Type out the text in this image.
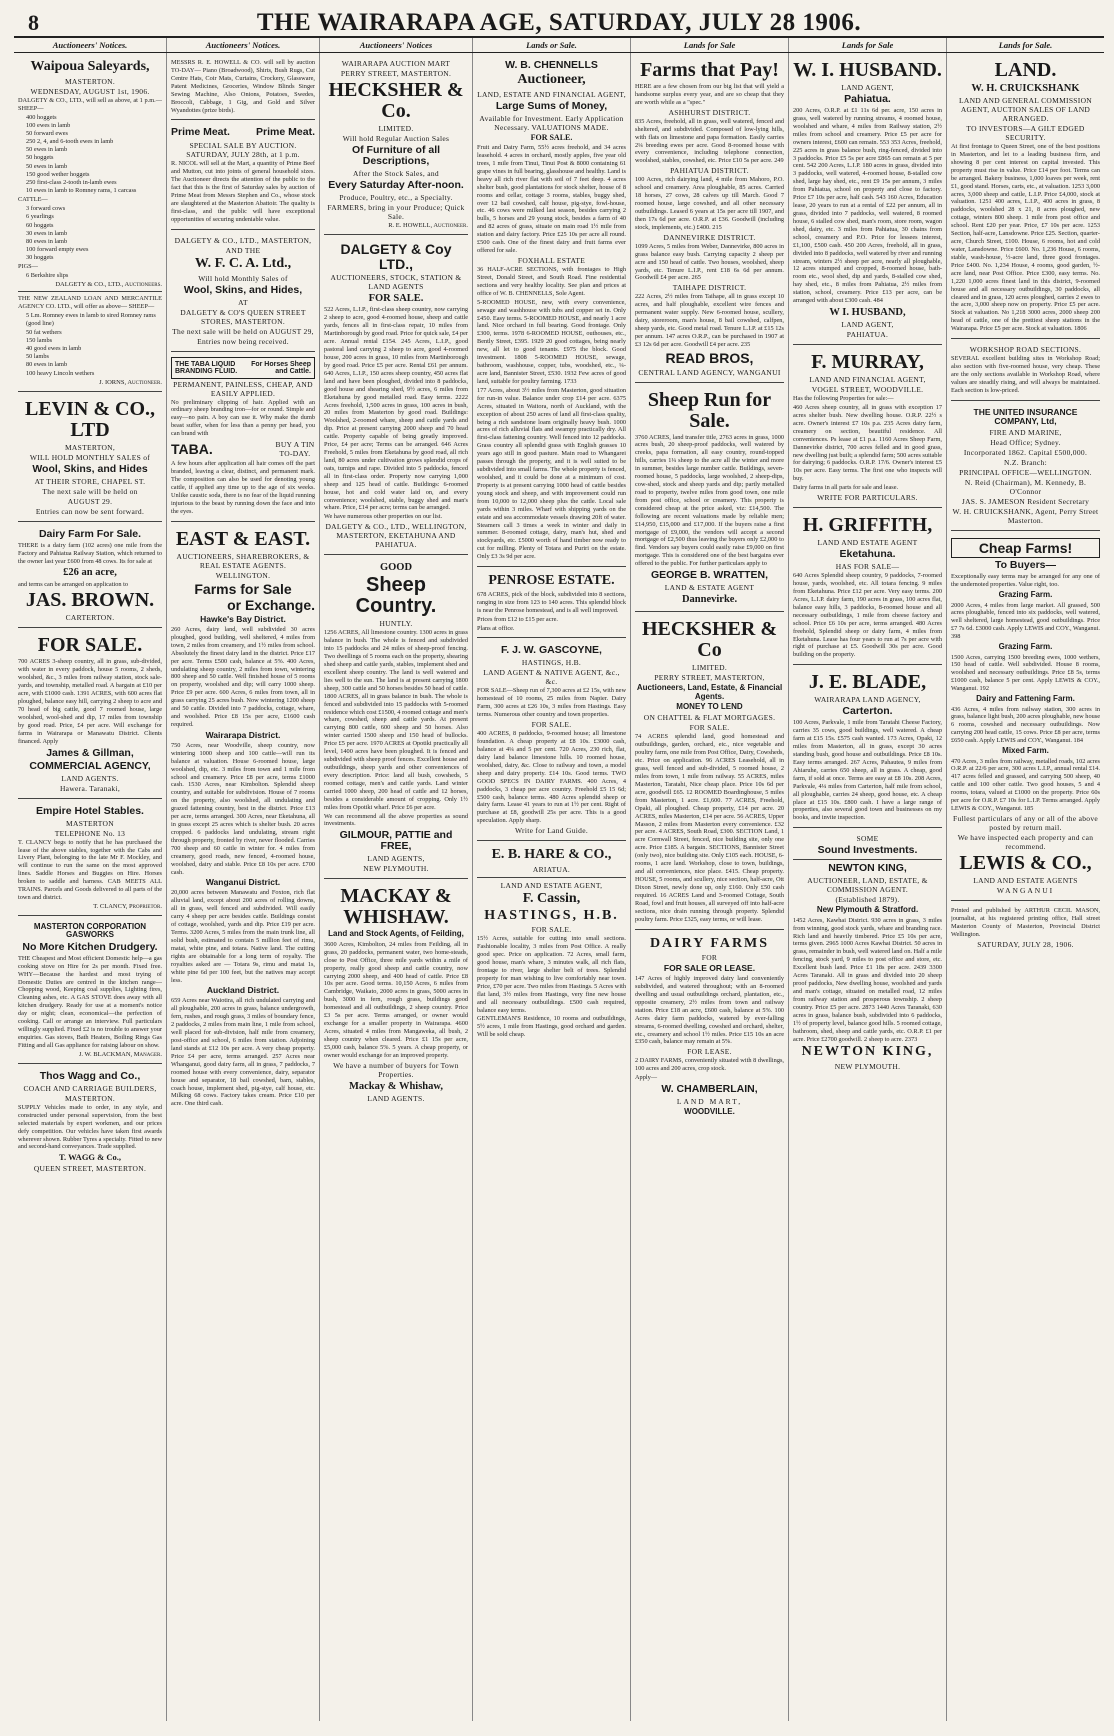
8	THE WAIRARAPA AGE, SATURDAY, JULY 28 1906.
Auctioneers' Notices.	Auctioneers' Notices.	Auctioneers' Notices	Lands or Sale.	Lands for Sale	Lands for Sale	Lands for Sale.
Waipoua Saleyards,
MASTERTON.
WEDNESDAY, AUGUST 1st, 1906.
DALGETY & CO., LTD., will sell as above, at 1 p.m.— SHEEP—
400 hoggets
100 ewes in lamb
50 forward ewes
250 2, 4, and 6-tooth ewes in lamb
50 ewes in lamb
50 hoggets
50 ewes in lamb
150 good wether hoggets
250 first-class 2-tooth in-lamb ewes
10 ewes in lamb to Romney rams, 1 carcass
CATTLE—
3 forward cows
6 yearlings
60 hoggets
30 ewes in lamb
80 ewes in lamb
100 forward empty ewes
30 hoggets
PIGS—
6 Berkshire slips
DALGETY & CO., LTD., Auctioneers.
THE NEW ZEALAND LOAN AND MERCANTILE AGENCY CO. LTD., will offer as above— SHEEP—
5 Lm. Romney ewes in lamb to sired Romney rams (good line)
50 fat wethers
150 lambs
40 good ewes in lamb
50 lambs
80 ewes in lamb
100 heavy Lincoln wethers
J. IORNS, Auctioneer.
LEVIN & CO., LTD
MASTERTON,
WILL HOLD MONTHLY SALES of
Wool, Skins, and Hides
AT THEIR STORE, CHAPEL ST.
The next sale will be held on
AUGUST 29.
Entries can now be sent forward.
Dairy Farm For Sale.
THERE is a dairy farm (102 acres) one mile from the Factory and Pahiatua Railway Station, which returned to the owner last year £600 from 48 cows. Its for sale at
£26 an acre,
and terms can be arranged on application to
JAS. BROWN.
CARTERTON.
FOR SALE.
700 ACRES 3-sheep country, all in grass, sub-divided, with water in every paddock, house 5 rooms, 2 sheds, woolshed, &c., 3 miles from railway station, stock sale-yards, and township, metalled road. A bargain at £10 per acre, with £1000 cash. 1391 ACRES, with 600 acres flat ploughed, balance easy hill, carrying 2 sheep to acre and 70 head of big cattle, good 7 roomed house, large woolshed, wool-shed and dip, 17 miles from township by good road. Price, £4 per acre. Will exchange for farms in Wairarapa or Manawatu District. Clients financed. Apply
James & Gillman,
COMMERCIAL AGENCY,
LAND AGENTS.
Hawera. Taranaki,
Empire Hotel Stables.
MASTERTON
TELEPHONE No. 13
T. CLANCY begs to notify that he has purchased the lease of the above stables, together with the Cabs and Livery Plant, belonging to the late Mr F. Mockley, and will continue to run the same on the most approved lines. Saddle Horses and Buggies on Hire. Horses broken to saddle and harness. CAB MEETS ALL TRAINS. Parcels and Goods delivered to all parts of the town and district.
T. CLANCY, Proprietor.
MASTERTON CORPORATION GASWORKS
No More Kitchen Drudgery.
THE Cheapest and Most efficient Domestic help—a gas cooking stove on Hire for 2s per month. Fixed free. WHY—Because the hardest and most trying of Domestic Duties are centred in the kitchen range—Chopping wood, Keeping coal supplies, Lighting fires, Cleaning ashes, etc. A GAS STOVE does away with all kitchen drudgery. Ready for use at a moment's notice day or night; clean, economical—the perfection of cooking. Call or arrange an interview. Full particulars willingly supplied. Fixed £2 is no trouble to answer your enquiries. Gas stoves, Bath Heaters, Boiling Rings Gas Fitting and all Gas appliance for raising labour on show.
J. W. BLACKMAN, Manager.
Thos Wagg and Co.,
COACH AND CARRIAGE BUILDERS,
MASTERTON.
SUPPLY Vehicles made to order, in any style, and constructed under personal supervision, from the best selected materials by expert workmen, and our prices defy competition. Our vehicles have taken first awards wherever shown. Rubber Tyres a specialty. Fitted to new and second-hand conveyances. Trade supplied.
T. WAGG & Co.,
QUEEN STREET, MASTERTON.
MESSRS R. E. HOWELL & CO. will sell by auction TO-DAY— Piano (Broadwood), Shirts, Bush Rugs, Cut Centre Hats, Coir Mats, Curtains, Crockery, Glassware, Patent Medicines, Groceries, Window Blinds Singer Sewing Machine, Also Onions, Potatoes, Swedes, Broccoli, Cabbage, 1 Gig, and Gold and Silver Wyandottes (prize birds).
Prime Meat. Prime Meat.
SPECIAL SALE BY AUCTION. SATURDAY, JULY 28th, at 1 p.m.
R. NICOL will sell at the Mart, a quantity of Prime Beef and Mutton, cut into joints of general household sizes. The Auctioneer directs the attention of the public to the fact that this is the first of Saturday sales by auction of Prime Meat from Messrs Stephen and Co., whose stock are slaughtered at the Masterton Abattoir. The quality is first-class, and the public will have exceptional opportunities of securing undeniable value.
DALGETY & CO., LTD., MASTERTON,
AND THE
W. F. C. A. Ltd.,
Will hold Monthly Sales of
Wool, Skins, and Hides,
AT
DALGETY & CO'S QUEEN STREET STORES, MASTERTON.
The next sale will be held on AUGUST 29,
Entries now being received.
THE TABA LIQUID BRANDING FLUID.
For Horses Sheep and Cattle.
PERMANENT, PAINLESS, CHEAP, AND EASILY APPLIED.
No preliminary clipping of hair. Applied with an ordinary sheep branding iron—for or round. Simple and easy—no pain. A boy can use it. Why make the dumb beast suffer, when for less than a penny per head, you can brand with
TABA.	BUY A TIN TO-DAY.
A few hours after application all hair comes off the part branded, leaving a clear, distinct, and permanent mark. The composition can also be used for denoting young cattle, if applied any time up to the age of six weeks. Unlike caustic soda, there is no fear of the liquid running injurious to the beast by running down the face and into the eyes.
EAST & EAST.
AUCTIONEERS, SHAREBROKERS, & REAL ESTATE AGENTS.
WELLINGTON.
Farms for Sale
or Exchange.
Hawke's Bay District.
260 Acres, dairy land, well subdivided 30 acres ploughed, good building, well sheltered, 4 miles from town, 2 miles from creamery, and 1½ miles from school. Absolutely the finest dairy land in the district. Price £17 per acre. Terms £500 cash, balance at 5%. 400 Acres, undulating sheep country, 2 miles from town, wintering 800 sheep and 50 cattle. Well finished house of 5 rooms on property, woolshed and dip; will carry 1000 sheep. Price £9 per acre. 600 Acres, 6 miles from town, all in grass carrying 25 acres bush. Now wintering 1200 sheep and 50 cattle. Divided into 7 paddocks, cottage, whare, and woolshed. Price £8 15s per acre, £1600 cash required.
Wairarapa District.
750 Acres, near Woodville, sheep country, now wintering 1000 sheep and 100 cattle—will run its balance at valuation. House 6-roomed house, large woolshed, dip, etc. 3 miles from town and 1 mile from school and creamery. Price £8 per acre, terms £1000 cash. 1530 Acres, near Kimbolton. Splendid sheep country, and suitable for subdivision. House of 7 rooms on the property, also woolshed, all undulating and grazed fattening country, best in the district. Price £13 per acre, terms arranged. 300 Acres, near Eketahuna, all in grass except 25 acres which is shelter bush. 20 acres cropped. 6 paddocks land undulating, stream right through property, fronted by river, never flooded. Carries 700 sheep and 60 cattle in winter for. 4 miles from creamery, good roads, new fenced, 4-roomed house, woolshed, dairy and stable. Price £8 10s per acre. £700 cash.
Wanganui District.
20,000 acres between Manawatu and Foxton, rich flat alluvial land, except about 200 acres of rolling downs, all in grass, well fenced and subdivided. Will easily carry 4 sheep per acre besides cattle. Buildings consist of cottage, woolshed, yards and dip. Price £19 per acre. Terms. 3200 Acres, 5 miles from the main trunk line, all solid bush, estimated to contain 5 million feet of rimu, matai, white pine, and totara. Native land. The cutting rights are obtainable for a long term of royalty. The royalties asked are — Totara 9s, rimu and matai 1s, white pine 6d per 100 feet, but the natives may accept less.
Auckland District.
659 Acres near Waiotira, all rich undulated carrying and all ploughable, 200 acres in grass, balance undergrowth, fern, rushes, and rough grass, 3 miles of boundary fence, 2 paddocks, 2 miles from main line, 1 mile from school, well placed for sub-division, half mile from creamery, post-office and school, 6 miles from station. Adjoining land stands at £12 10s per acre. A very cheap property. Price £4 per acre, terms arranged. 257 Acres near Whanganui, good dairy farm, all in grass, 7 paddocks, 7 roomed house with every convenience, dairy, separator house and separator, 18 bail cowshed, barn, stables, coach house, implement shed, pig-stye, calf house, etc. Milking 68 cows. Factory takes cream. Price £10 per acre. One third cash.
WAIRARAPA AUCTION MART
PERRY STREET, MASTERTON.
HECKSHER & Co.
LIMITED.
Will hold Regular Auction Sales
Of Furniture of all Descriptions,
After the Stock Sales, and
Every Saturday After-noon.
Produce, Poultry, etc., a Specialty.
FARMERS, bring in your Produce; Quick Sale.
R. E. HOWELL, Auctioneer.
DALGETY & Coy LTD.,
AUCTIONEERS, STOCK, STATION & LAND AGENTS
FOR SALE.
522 Acres, L.I.P., first-class sheep country, now carrying 2 sheep to acre, good 4-roomed house, sheep and cattle yards, fences all in first-class repair, 10 miles from Martinborough by good road. Price for quick sale, £4 per acre. Annual rental £154. 245 Acres, L.I.P., good pastoral land carrying 2 sheep to acre, good 4-roomed house, 200 acres in grass, 10 miles from Martinborough by good road. Price £5 per acre. Rental £61 per annum. 640 Acres, L.I.P., 150 acres sheep country, 450 acres flat land and have been ploughed, divided into 8 paddocks, good house and shearing shed, 9½ acres, 6 miles from Eketahuna by good metalled road. Easy terms. 2222 Acres freehold, 1,500 acres in grass, 100 acres in bush, 20 miles from Masterton by good road. Buildings: Woolshed, 2-roomed whare, sheep and cattle yards and dip. Price at present carrying 2000 sheep and 70 head cattle. Property capable of being greatly improved. Price, £4 per acre; Terms can be arranged. 646 Acres Freehold, 5 miles from Eketahuna by good road, all rich land, 80 acres under cultivation grows splendid crops of oats, turnips and rape. Divided into 5 paddocks, fenced all in first-class order. Property now carrying 1,000 sheep and 125 head of cattle. Buildings: 6-roomed house, hot and cold water laid on, and every convenience; woolshed, stable, buggy shed and man's whare. Price, £14 per acre; terms can be arranged.
We have numerous other properties on our list.
DALGETY & CO., LTD., WELLINGTON, MASTERTON, EKETAHUNA AND PAHIATUA.
GOOD
Sheep Country.
HUNTLY.
1256 ACRES, All limestone country. 1300 acres in grass balance in bush. The whole is fenced and subdivided into 15 paddocks and 24 miles of sheep-proof fencing. Two dwellings of 5 rooms each on the property, shearing shed sheep and cattle yards, stables, implement shed and excellent sheep country. The land is well watered and lies well to the sun. The land is at present carrying 1800 sheep, 300 cattle and 50 horses besides 50 head of cattle. 1800 ACRES, all in grass balance in bush. The whole is fenced and subdivided into 15 paddocks with 5-roomed residence which cost £1500, 4 roomed cottage and men's whare, cowshed, sheep and cattle yards. At present carrying 800 cattle, 600 sheep and 50 horses. Also winter carried 1500 sheep and 150 head of bullocks. Price £5 per acre. 1970 ACRES at Opotiki practically all level, 1400 acres have been ploughed. It is fenced and subdivided with sheep proof fences. Excellent house and outbuildings, sheep yards and other conveniences of every description. Price: land all bush, cowsheds, 5 roomed cottage, men's and cattle yards. Land winter carried 1000 sheep, 200 head of cattle and 12 horses, besides a considerable amount of cropping. Only 1½ miles from Opotiki wharf. Price £6 per acre.
We can recommend all the above properties as sound investments.
GILMOUR, PATTIE and FREE,
LAND AGENTS,
NEW PLYMOUTH.
MACKAY & WHISHAW.
Land and Stock Agents, of Feilding,
3600 Acres, Kimbolton, 24 miles from Feilding, all in grass, 20 paddocks, permanent water, two home-steads, close to Post Office, three mile yards within a mile of property, really good sheep and cattle country, now carrying 2000 sheep, and 400 head of cattle. Price £8 10s per acre. Good terms. 10,150 Acres, 6 miles from Cambridge, Waikato, 2000 acres in grass, 5000 acres in bush, 3000 in fern, rough grass, buildings good homestead and all outbuildings, 2 sheep country. Price £3 5s per acre. Terms arranged, or owner would exchange for a smaller property in Wairarapa. 4600 Acres, situated 4 miles from Mangaweka, all bush, 2 sheep country when cleared. Price £1 15s per acre, £5,000 cash, balance 5%. 5 years. A cheap property, or owner would exchange for an improved property.
We have a number of buyers for Town Properties.
Mackay & Whishaw,
LAND AGENTS.
W. B. CHENNELLS
Auctioneer,
LAND, ESTATE AND FINANCIAL AGENT,
Large Sums of Money,
Available for Investment. Early Application Necessary. VALUATIONS MADE.
FOR SALE.
Fruit and Dairy Farm, 55½ acres freehold, and 34 acres leasehold. 4 acres in orchard, mostly apples, five year old trees, 1 mile from Tinui, Tinui Post & 8000 containing 61 grape vines in full bearing, glasshouse and healthy. Land is heavy all rich river flat with soil of 7 feet deep. 4 acres shelter bush, good plantations for stock shelter, house of 8 rooms and cellar, cottage 3 rooms, stables, buggy shed, over 12 bail cowshed, calf house, pig-stye, fowl-house, etc. 46 cows were milked last season, besides carrying 2 bulls, 5 horses and 29 young stock, besides a farm of 40 and 82 acres of grass, situate on main road 1½ mile from station and dairy factory. Price £25 10s per acre all round. £500 cash. One of the finest dairy and fruit farms ever offered for sale.
FOXHALL ESTATE
36 HALF-ACRE SECTIONS, with frontages to High Street, Donald Street, and South Road. Fine residential sections and very healthy locality. See plan and prices at office of W. B. CHENNELLS, Sole Agent.
5-ROOMED HOUSE, new, with every convenience, sewage and washhouse with tubs and copper set in. Only £450. Easy terms. 5-ROOMED HOUSE, and nearly 1 acre land. Nice orchard in full bearing. Good frontage. Only £300, terms. 1978 6-ROOMED HOUSE, outhouses, etc., Bently Street, £395. 1929 20 good cottages, being nearly new, all let to good tenants. £975 the block. Good investment. 1808 5-ROOMED HOUSE, sewage, bathroom, washhouse, copper, tubs, woodshed, etc., ¼-acre land, Bannister Street, £530. 1932 Few acres of good land, suitable for poultry farming. 1733
177 Acres, about 3½ miles from Masterton, good situation for run-in value. Balance under crop £14 per acre. 6375 Acres, situated in Waitora, north of Auckland, with the exception of about 250 acres of land all first-class quality, being a rich sandstone loam originally heavy bush. 1000 acres of rich alluvial flats and swampy practically dry. All first-class fattening country. Well fenced into 12 paddocks. Grass country all splendid grass with English grasses 10 years ago still in good pasture. Main road to Whangarei passes through the property, and it is well suited to be subdivided into small farms. The whole property is fenced, woolshed, and it could be done at a minimum of cost. Property is at present carrying 1000 head of cattle besides young stock and sheep, and with improvement could run from 10,000 to 12,000 sheep plus the cattle. Local sale yards within 3 miles. Wharf with shipping yards on the estate and sea accommodate vessels drawing 20ft of water. Steamers call 3 times a week in winter and daily in summer. 8-roomed cottage, dairy, man's hut, shed and stockyards, etc. £5000 worth of hand timber now ready to cut for milling. Plenty of Totara and Puriri on the estate. Only £3 3s 9d per acre.
PENROSE ESTATE.
678 ACRES, pick of the block, subdivided into 8 sections, ranging in size from 123 to 140 acres. This splendid block is near the Penrose homestead, and is all well improved.
Prices from £12 to £15 per acre.
Plans at office.
F. J. W. GASCOYNE,
HASTINGS, H.B.
LAND AGENT & NATIVE AGENT, &c., &c.
FOR SALE—Sheep run of 7,300 acres at £2 15s, with new homestead of 10 rooms, 25 miles from Napier. Dairy Farm, 300 acres at £26 10s, 3 miles from Hastings. Easy terms. Numerous other country and town properties.
FOR SALE.
400 ACRES, 8 paddocks, 9-roomed house; all limestone foundation. A cheap property at £8 10s. £3000 cash, balance at 4¼ and 5 per cent. 720 Acres, 230 rich, flat, dairy land balance limestone hills. 10 roomed house, woolshed, dairy, &c. Close to railway and town, a model sheep and dairy property. £14 10s. Good terms. TWO GOOD SPECS IN DAIRY FARMS. 400 Acres, 4 paddocks, 3 cheap per acre country. Freehold £5 15 6d; £500 cash, balance terms. 480 Acres splendid sheep or dairy farm. Lease 41 years to run at 1½ per cent. Right of purchase at £8, goodwill 25s per acre. This is a good speculation. Apply sharp.
Write for Land Guide.
E. B. HARE & CO.,
ARIATUA.
LAND AND ESTATE AGENT,
F. Cassin,
HASTINGS, H.B.
FOR SALE.
15½ Acres, suitable for cutting into small sections. Fashionable locality, 3 miles from Post Office. A really good spec. Price on application. 72 Acres, small farm, good house, man's whare, 3 minutes walk, all rich flats, frontage to river, large shelter belt of trees. Splendid property for man wishing to live comfortably near town. Price, £70 per acre. Two miles from Hastings. 5 Acres with flat land, 3½ miles from Hastings, very fine new house and all necessary outbuildings. £500 cash required, balance easy terms.
GENTLEMAN'S Residence, 10 rooms and outbuildings, 5½ acres, 1 mile from Hastings, good orchard and garden. Will be sold cheap.
Farms that Pay!
HERE are a few chosen from our big list that will yield a handsome surplus every year, and are so cheap that they are worth while as a "spec."
ASHHURST DISTRICT.
835 Acres, freehold, all in grass, well watered, fenced and sheltered, and subdivided. Composed of low-lying hills, with flats on limestone and papa formation. Easily carries 2¼ breeding ewes per acre. Good 8-roomed house with every convenience, including telephone connection, woolshed, stables, cowshed, etc. Price £10 5s per acre. 249
PAHIATUA DISTRICT.
100 Acres, rich dairying land, 4 mile from Mahoro, P.O. school and creamery. Area ploughable, 85 acres. Carried 18 horses, 27 cows, 28 calves up till March. Good 7 roomed house, large cowshed, and all other necessary outbuildings. Leased 6 years at 15s per acre till 1907, and then 17s 6d per acre. O.R.P. at £36. Goodwill (including stock, implements, etc.) £400. 215
DANNEVIRKE DISTRICT.
1099 Acres, 5 miles from Weber, Dannevirke, 800 acres in grass balance easy bush. Carrying capacity 2 sheep per acre and 150 head of cattle. Two houses, woolshed, sheep yards, etc. Tenure L.I.P., rent £18 6s 6d per annum. Goodwill £4 per acre. 265
TAIHAPE DISTRICT.
222 Acres, 2½ miles from Taihape, all in grass except 10 acres, and half ploughable, excellent wire fences and permanent water supply. New 6-roomed house, scullery, dairy, storeroom, man's house, 8 bail cowshed, calfpen, sheep yards, etc. Good metal road. Tenure L.I.P. at £15 12s per annum. 147 acres O.R.P., can be purchased in 1907 at £3 12s 6d per acre. Goodwill £4 per acre. 235
READ BROS,
CENTRAL LAND AGENCY, WANGANUI
Sheep Run for Sale.
3760 ACRES, land transfer title, 2763 acres in grass, 1000 acres bush, 20 sheep-proof paddocks, well watered by creeks, papa formation, all easy country, round-topped hills, carries 1¼ sheep to the acre all the winter and more in summer, besides large number cattle. Buildings, seven-roomed house, 5 paddocks, large woolshed, 2 sheep-dips, cow-shed, stock and sheep yards and dip; partly metalled road to property, twelve miles from good town, one mile from post office, school or creamery. This property is considered cheap at the price asked, viz: £14,500. The following are recent valuations made by reliable men; £14,950, £15,000 and £17,000. If the buyers raise a first mortgage of £9,000, the vendors will accept a second mortgage of £2,500 thus leaving the buyers only £2,000 to find. Vendors say buyers could easily raise £9,000 on first mortgage. This is considered one of the best bargains ever offered to the public. For further particulars apply to
GEORGE B. WRATTEN,
LAND & ESTATE AGENT
Dannevirke.
HECKSHER & Co
LIMITED.
PERRY STREET, MASTERTON,
Auctioneers, Land, Estate, & Financial Agents.
MONEY TO LEND
ON CHATTEL & FLAT MORTGAGES.
FOR SALE.
74 ACRES splendid land, good homestead and outbuildings, garden, orchard, etc., nice vegetable and poultry farm, one mile from Post Office, Dairy, Cowsheds, etc. Price on application. 96 ACRES Leasehold, all in grass, well fenced and sub-divided, 5 roomed house, 2 miles from town, 1 mile from railway. 55 ACRES, miles Masterton, Taratahi, Nice cheap place. Price 10s 6d per acre, goodwill £65. 12 ROOMED Boardinghouse, 5 miles from Masterton, 1 acre. £1,600. 77 ACRES, Freehold, Opaki, all ploughed. Cheap property, £14 per acre. 20 ACRES, miles Masterton, £14 per acre. 56 ACRES, Upper Masson, 2 miles from Masterton every convenience. £32 per acre. 4 ACRES, South Road, £300. SECTION Land, 1 acre Cornwall Street, fenced, nice building site, only one acre. Price £185. A bargain. SECTIONS, Bannister Street (only two), nice building site. Only £105 each. HOUSE, 6-rooms, 1 acre land. Workshop, close to town, buildings, and all conveniences, nice place. £415. Cheap property. HOUSE, 5 rooms, and scullery, nice section, half-acre, Ott Dixon Street, newly done up, only £160. Only £50 cash required. 16 ACRES Land and 3-roomed Cottage, South Road, fowl and fruit houses, all surveyed off into half-acre sections, nice drain running through property. Splendid poultry farm. Price £325, easy terms, or will lease.
DAIRY FARMS
FOR
FOR SALE OR LEASE.
147 Acres of highly improved dairy land conveniently subdivided, and watered throughout; with an 8-roomed dwelling and usual outbuildings orchard, plantation, etc., opposite creamery, 2½ miles from town and railway station. Price £18 an acre, £600 cash, balance at 5%. 100 Acres dairy farm paddocks, watered by ever-falling streams, 6-roomed dwelling, cowshed and orchard, shelter, etc., creamery and school 1½ miles. Price £15 10s an acre £350 cash, balance may remain at 5%.
FOR LEASE.
2 DAIRY FARMS, conveniently situated with 8 dwellings, 100 acres and 200 acres, crop stock.
Apply—
W. CHAMBERLAIN,
LAND MART,
WOODVILLE.
W. I. HUSBAND.
LAND AGENT,
Pahiatua.
200 Acres, O.R.P. at £1 11s 6d per. acre, 150 acres in grass, well watered by running streams, 4 roomed house, woolshed and whare, 4 miles from Railway station, 2½ miles from school and creamery. Price £5 per acre for owners interest, £600 can remain. 553 353 Acres, freehold, 225 acres in grass balance bush, ring-fenced, divided into 3 paddocks. Price £5 5s per acre £865 can remain at 5 per cent. 542 200 Acres, L.I.P. 180 acres in grass, divided into 3 paddocks, well watered, 4-roomed house, 8-stalled cow shed, large hay shed, etc., rent £9 15s per annum, 3 miles from Pahiatua, school on property and close to factory. Price £7 10s per acre, half cash. 543 160 Acres, Education lease, 20 years to run at a rental of £22 per annum, all in grass, divided into 7 paddocks, well watered, 8 roomed house, 6 stalled cow shed, man's room, store room, wagon shed, dairy, etc. 3 miles from Pahiatua, 30 chains from school, creamery and P.O. Price for lessees interest, £1,100, £500 cash. 450 200 Acres, freehold, all in grass, divided into 8 paddocks, well watered by river and running stream, winters 2½ sheep per acre, nearly all ploughable, 12 acres stumped and cropped, 8-roomed house, bath-room etc., wool shed, dip and yards, 8-stalled cow shed, hay shed, etc., 8 miles from Pahiatua, 2½ miles from station, school, creamery. Price £13 per acre, can be arranged with about £300 cash. 484
W I. HUSBAND,
LAND AGENT,
PAHIATUA.
F. MURRAY,
LAND AND FINANCIAL AGENT,
VOGEL STREET, WOODVILLE.
Has the following Properties for sale:—
460 Acres sheep country, all in grass with exception 17 acres shelter bush. New dwelling house. O.R.P. 22½ s acre. Owner's interest £7 10s p.a. 235 Acres dairy farm, creamery on section, beautiful residence. All conveniences. Ps lease at £1 p.a. 1160 Acres Sheep Farm, Dannevirke district, 700 acres felled and in good grass, new dwelling just built; a splendid farm; 500 acres suitable for dairying; 6 paddocks. O.R.P. 17/6. Owner's interest £5 10s per acre. Easy terms. The first one who inspects will buy.
Dairy farms in all parts for sale and lease.
WRITE FOR PARTICULARS.
H. GRIFFITH,
LAND AND ESTATE AGENT
Eketahuna.
HAS FOR SALE—
640 Acres Splendid sheep country, 9 paddocks, 7-roomed house, yards, woolshed, etc. All totara fencing. 9 miles from Eketahuna. Price £12 per acre. Very easy terms. 200 Acres, L.I.P. dairy farm, 190 acres in grass, 100 acres flat, balance easy hills, 3 paddocks, 8-roomed house and all necessary outbuildings, 1 mile from cheese factory and school. Price £6 10s per acre, terms arranged. 480 Acres freehold, Splendid sheep or dairy farm, 4 miles from Eketahuna. Lease has four years to run at 7s per acre with right of purchase at £5. Goodwill 30s per acre. Good building on the property.
J. E. BLADE,
WAIRARAPA LAND AGENCY,
Carterton.
100 Acres, Parkvale, 1 mile from Taratahi Cheese Factory, carries 35 cows, good buildings, well watered. A cheap farm at £15 15s. £575 cash wanted. 173 Acres, Opaki, 12 miles from Masterton, all in grass, except 30 acres standing bush, good house and outbuildings. Price £8 10s. Easy terms arranged. 267 Acres, Pahautea, 9 miles from Ahiaruhe, carries 650 sheep, all in grass. A cheap, good farm, if sold at once. Terms are easy at £8 10s. 208 Acres, Parkvale, 4¼ miles from Carterton, half mile from school, all ploughable, carries 24 sheep, good house, etc. A cheap place at £15 10s. £800 cash. I have a large range of properties, also several good town and businesses on my books, and invite inspection.
SOME
Sound Investments.
NEWTON KING,
AUCTIONEER, LAND, ESTATE, & COMMISSION AGENT.
(Established 1879).
New Plymouth & Stratford.
1452 Acres, Kawhai District. 930 acres in grass, 3 miles from winning, good stock yards, whare and branding race. Rich land and heavily timbered. Price £5 10s per acre, terms given. 2965 1000 Acres Kawhai District. 50 acres in grass, remainder in bush, well watered land on. Half a mile fencing, stock yard, 9 miles to post office and store, etc. Excellent bush land. Price £1 18s per acre. 2439 3300 Acres Taranaki. All in grass and divided into 20 sheep proof paddocks, New dwelling house, woolshed and yards and man's cottage, situated on metalled road, 12 miles from railway station and prosperous township. 2 sheep country. Price £5 per acre. 2873 1440 Acres Taranaki, 630 acres in grass, balance bush, subdivided into 6 paddocks, 1½ of property level, balance good hills. 5 roomed cottage, bathroom, shed, sheep and cattle yards, etc. O.R.P. £1 per acre. Price £2700 goodwill. 2 sheep to acre. 2373
NEWTON KING,
NEW PLYMOUTH.
LAND.
W. H. CRUICKSHANK
LAND AND GENERAL COMMISSION AGENT, AUCTION SALES OF LAND ARRANGED.
TO INVESTORS—A GILT EDGED SECURITY.
At first frontage to Queen Street, one of the best positions in Masterton, and let to a leading business firm, and showing 8 per cent interest on capital invested. This property must rise in value. Price £14 per foot. Terms can be arranged. Bakery business, 1,000 loaves per week, rent £1, good stand. Horses, carts, etc., at valuation. 1253 3,000 acres, 3,000 sheep and cattle, L.I.P. Price £4,000, stock at valuation. 1251 400 acres, L.I.P., 400 acres in grass, 8 paddocks, woolshed 28 x 21, 8 acres ploughed, new cottage, winters 800 sheep. 1 mile from post office and school. Rent £20 per year. Price, £7 10s per acre. 1253 Section, half-acre, Lansdowne. Price £25. Section, quarter-acre, Church Street, £100. House, 6 rooms, hot and cold water, Lansdowne. Price £600. No. 1,236 House, 6 rooms, stable, wash-house, ½-acre land, three good frontages. Price £400. No. 1,234 House, 4 rooms, good garden, ½-acre land, near Post Office. Price £300, easy terms. No. 1,220 1,000 acres finest land in this district, 9-roomed house and all necessary outbuildings, 30 paddocks, all cleared and in grass, 120 acres ploughed, carries 2 ewes to the acre, 3,000 sheep now on property. Price £5 per acre. Stock at valuation. No 1,218 3000 acres, 2000 sheep 200 head of cattle, one of the prettiest sheep stations in the Wairarapa. Price £5 per acre. Stock at valuation. 1806
WORKSHOP ROAD SECTIONS.
SEVERAL excellent building sites in Workshop Road; also section with five-roomed house, very cheap. These are the only sections available in Workshop Road, where values are steadily rising, and will always be maintained. Each section is low-priced.
THE UNITED INSURANCE COMPANY, Ltd,
FIRE AND MARINE,
Head Office; Sydney.
Incorporated 1862. Capital £500,000.
N.Z. Branch:
PRINCIPAL OFFICE—WELLINGTON.
N. Reid (Chairman), M. Kennedy, B. O'Connor
JAS. S. JAMESON Resident Secretary
W. H. CRUICKSHANK, Agent, Perry Street Masterton.
Cheap Farms!
To Buyers—
Exceptionally easy terms may be arranged for any one of the undernoted properties. Value right, too.
Grazing Farm.
2000 Acres, 4 miles from large market. All grassed, 500 acres ploughable, fenced into six paddocks, well watered, well sheltered, large homestead, good outbuildings. Price £7 7s 6d. £3000 cash. Apply LEWIS and COY., Wanganui. 398
Grazing Farm.
1500 Acres, carrying 1500 breeding ewes, 1000 wethers, 150 head of cattle. Well subdivided. House 8 rooms, woolshed and necessary outbuildings. Price £8 5s, terms £1000 cash, balance 5 per cent. Apply LEWIS & COY., Wanganui. 192
Dairy and Fattening Farm.
436 Acres, 4 miles from railway station, 300 acres in grass, balance light bush, 200 acres ploughable, new house 6 rooms, cowshed and necessary outbuildings. Now carrying 200 head cattle, 15 cows. Price £8 per acre, terms £650 cash. Apply LEWIS and COY., Wanganui. 184
Mixed Farm.
470 Acres, 3 miles from railway, metalled roads, 102 acres O.R.P. at 22/6 per acre, 300 acres L.I.P., annual rental £14. 417 acres felled and grassed, and carrying 500 sheep, 40 cattle and 100 other cattle. Two good houses, 5 and 4 rooms, totara, valued at £1000 on the property. Price 60s per acre for O.R.P. £7 10s for L.I.P. Terms arranged. Apply LEWIS & COY., Wanganui. 185
Fullest particulars of any or all of the above posted by return mail.
We have inspected each property and can recommend.
LEWIS & CO.,
LAND AND ESTATE AGENTS
WANGANUI
Printed and published by ARTHUR CECIL MASON, journalist, at his registered printing office, Hall street Masterton County of Masterton, Provincial District Wellington.
SATURDAY, JULY 28, 1906.
